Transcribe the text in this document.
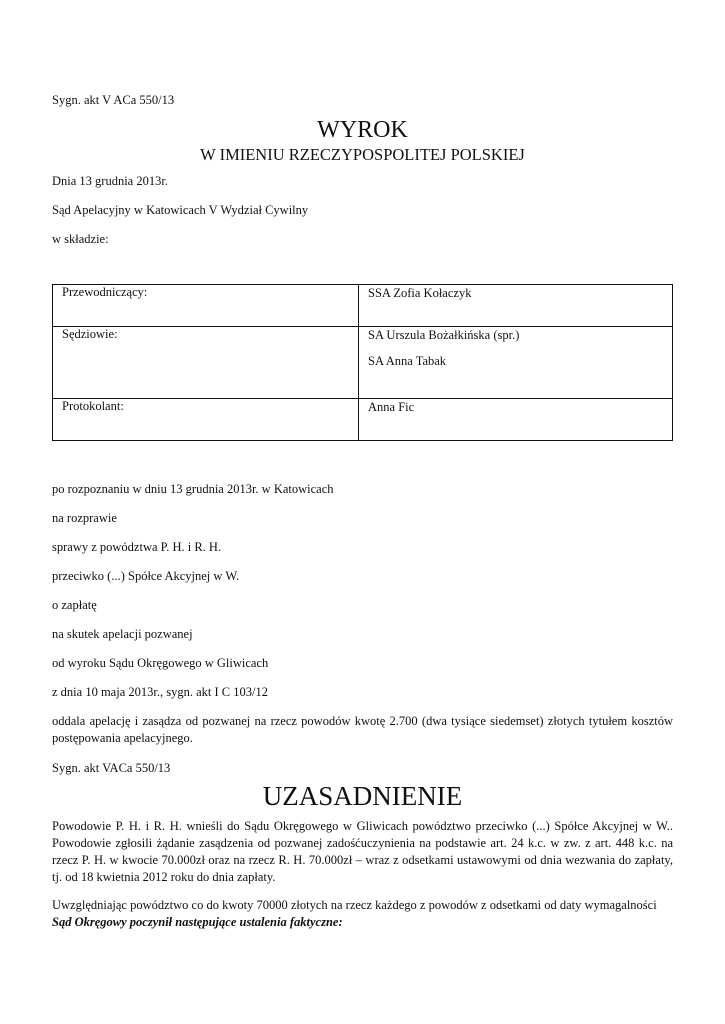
Sygn. akt V ACa 550/13

WYROK

W IMIENIU RZECZYPOSPOLITEJ POLSKIEJ

Dnia 13 grudnia 2013r.

Sąd Apelacyjny w Katowicach V Wydział Cywilny

w składzie:

Przewodniczący:	SSA Zofia Kołaczyk

Sędziowie:	SA Urszula Bożałkińska (spr.)
SA Anna Tabak

Protokolant:	Anna Fic

po rozpoznaniu w dniu 13 grudnia 2013r. w Katowicach

na rozprawie

sprawy z powództwa P. H. i R. H.

przeciwko (...) Spółce Akcyjnej w W.

o zapłatę

na skutek apelacji pozwanej

od wyroku Sądu Okręgowego w Gliwicach

z dnia 10 maja 2013r., sygn. akt I C 103/12

oddala apelację i zasądza od pozwanej na rzecz powodów kwotę 2.700 (dwa tysiące siedemset) złotych tytułem kosztów postępowania apelacyjnego.

Sygn. akt VACa 550/13

UZASADNIENIE

Powodowie P. H. i R. H. wnieśli do Sądu Okręgowego w Gliwicach powództwo przeciwko (...) Spółce Akcyjnej w W.. Powodowie zgłosili żądanie zasądzenia od pozwanej zadośćuczynienia na podstawie art. 24 k.c. w zw. z art. 448 k.c. na rzecz P. H. w kwocie 70.000zł oraz na rzecz R. H. 70.000zł – wraz z odsetkami ustawowymi od dnia wezwania do zapłaty, tj. od 18 kwietnia 2012 roku do dnia zapłaty.

Uwzględniając powództwo co do kwoty 70000 złotych na rzecz każdego z powodów z odsetkami od daty wymagalności
Sąd Okręgowy poczynił następujące ustalenia faktyczne:
